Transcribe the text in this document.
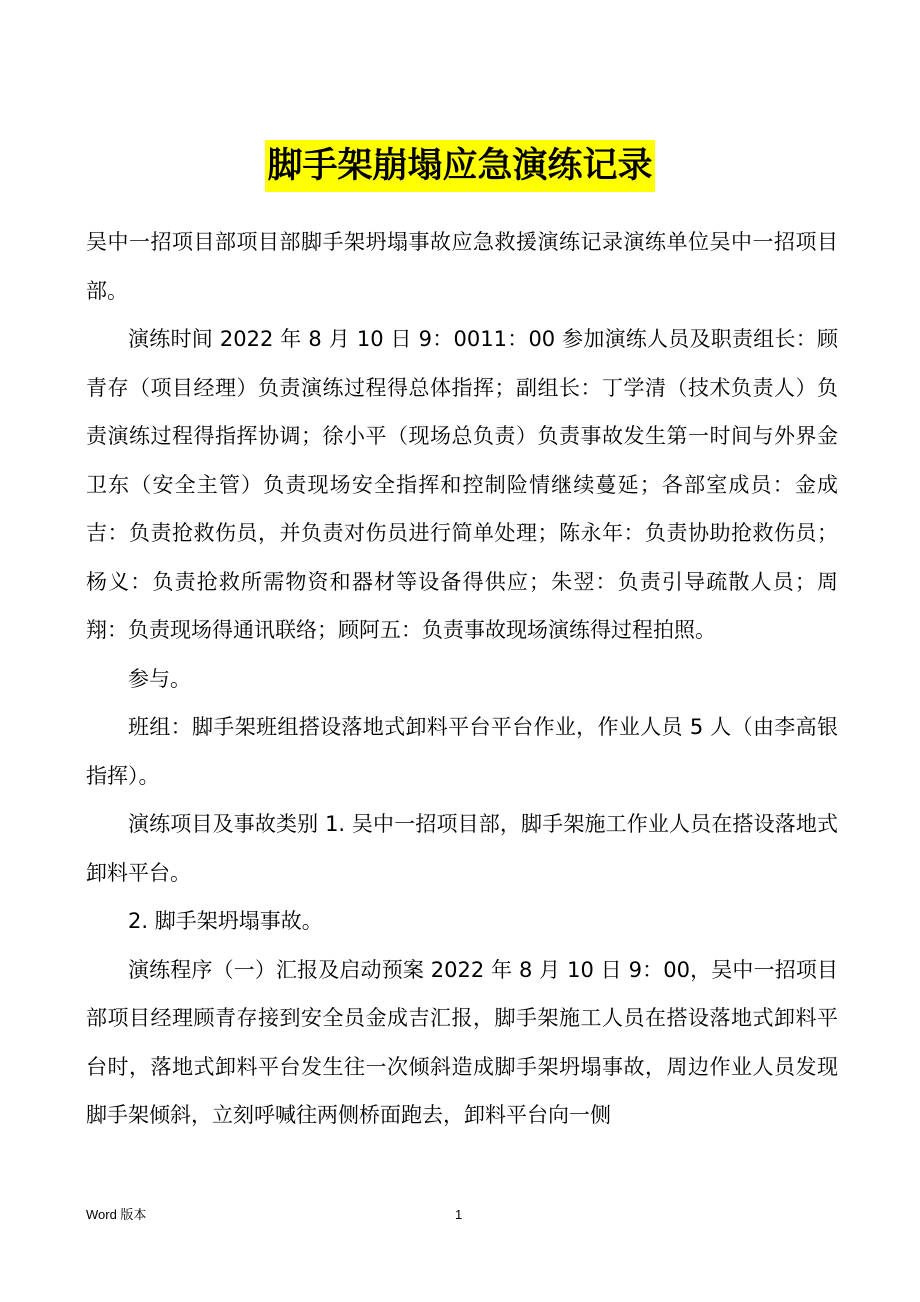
脚手架崩塌应急演练记录

吴中一招项目部项目部脚手架坍塌事故应急救援演练记录演练单位吴中一招项目部。

演练时间 2022 年 8 月 10 日 9：0011：00 参加演练人员及职责组长：顾青存（项目经理）负责演练过程得总体指挥；副组长：丁学清（技术负责人）负责演练过程得指挥协调；徐小平（现场总负责）负责事故发生第一时间与外界金卫东（安全主管）负责现场安全指挥和控制险情继续蔓延；各部室成员：金成吉：负责抢救伤员，并负责对伤员进行简单处理；陈永年：负责协助抢救伤员；杨义：负责抢救所需物资和器材等设备得供应；朱翌：负责引导疏散人员；周翔：负责现场得通讯联络；顾阿五：负责事故现场演练得过程拍照。

参与。

班组：脚手架班组搭设落地式卸料平台平台作业，作业人员 5 人（由李高银指挥）。

演练项目及事故类别 1. 吴中一招项目部，脚手架施工作业人员在搭设落地式卸料平台。

2. 脚手架坍塌事故。

演练程序（一）汇报及启动预案 2022 年 8 月 10 日 9：00，吴中一招项目部项目经理顾青存接到安全员金成吉汇报，脚手架施工人员在搭设落地式卸料平台时，落地式卸料平台发生往一次倾斜造成脚手架坍塌事故，周边作业人员发现脚手架倾斜，立刻呼喊往两侧桥面跑去，卸料平台向一侧

Word 版本	1
